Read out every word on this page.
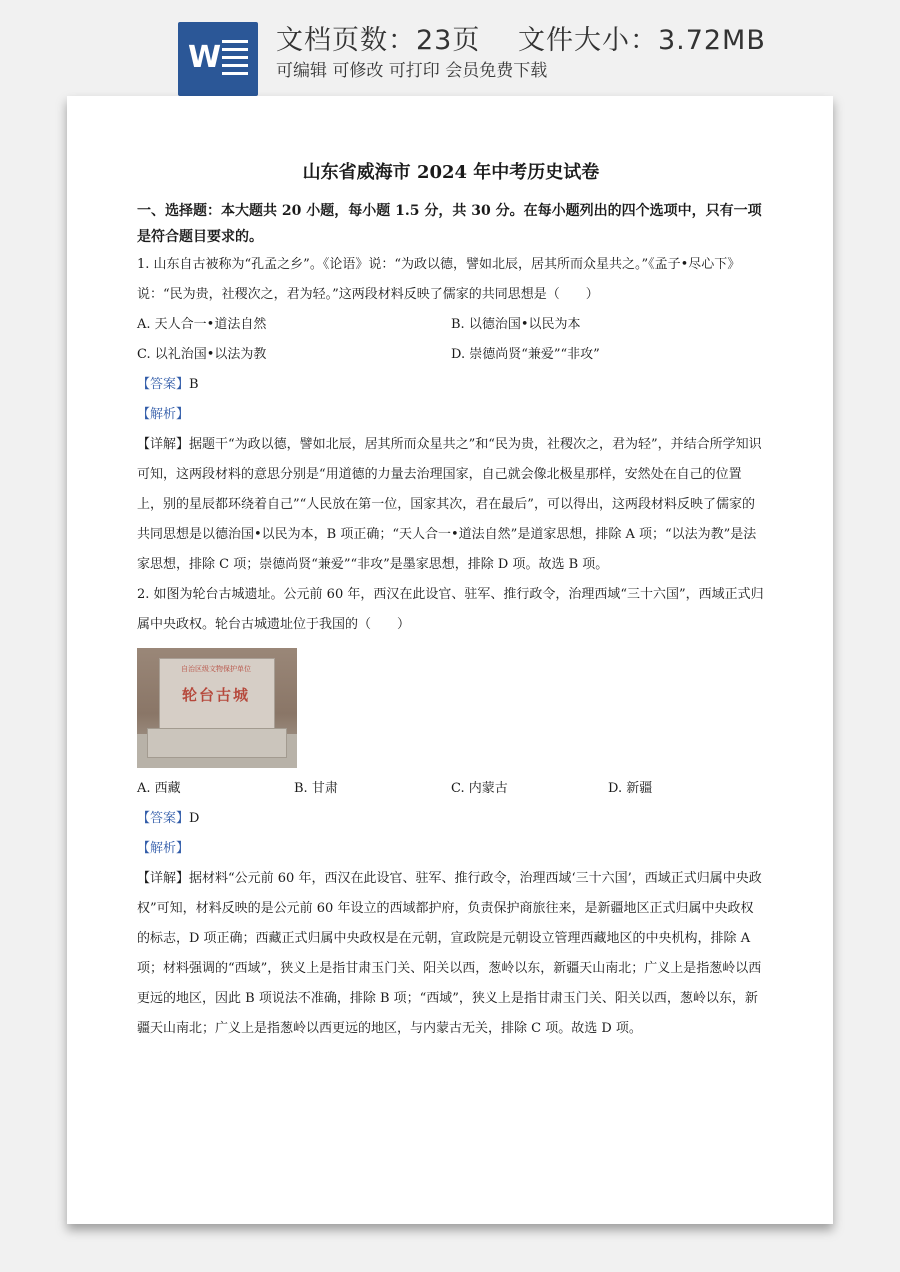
W 文档页数：23页　 文件大小：3.72MB
可编辑 可修改 可打印 会员免费下载
山东省威海市 2024 年中考历史试卷

一、选择题：本大题共 20 小题，每小题 1.5 分，共 30 分。在每小题列出的四个选项中，只有一项是符合题目要求的。

1. 山东自古被称为“孔孟之乡”。《论语》说：“为政以德，譬如北辰，居其所而众星共之。”《孟子•尽心下》说：“民为贵，社稷次之，君为轻。”这两段材料反映了儒家的共同思想是（　　）

A. 天人合一•道法自然	B. 以德治国•以民为本
C. 以礼治国•以法为教	D. 崇德尚贤“兼爱”“非攻”

【答案】B

【解析】

【详解】据题干“为政以德，譬如北辰，居其所而众星共之”和“民为贵，社稷次之，君为轻”，并结合所学知识可知，这两段材料的意思分别是“用道德的力量去治理国家，自己就会像北极星那样，安然处在自己的位置上，别的星辰都环绕着自己”“人民放在第一位，国家其次，君在最后”，可以得出，这两段材料反映了儒家的共同思想是以德治国•以民为本，B 项正确；“天人合一•道法自然”是道家思想，排除 A 项；“以法为教”是法家思想，排除 C 项；崇德尚贤“兼爱”“非攻”是墨家思想，排除 D 项。故选 B 项。

2. 如图为轮台古城遗址。公元前 60 年，西汉在此设官、驻军、推行政令，治理西域“三十六国”，西域正式归属中央政权。轮台古城遗址位于我国的（　　）

自治区级文物保护单位
轮台古城
A. 西藏	B. 甘肃	C. 内蒙古	D. 新疆

【答案】D

【解析】

【详解】据材料“公元前 60 年，西汉在此设官、驻军、推行政令，治理西域‘三十六国’，西域正式归属中央政权”可知，材料反映的是公元前 60 年设立的西域都护府，负责保护商旅往来，是新疆地区正式归属中央政权的标志，D 项正确；西藏正式归属中央政权是在元朝，宣政院是元朝设立管理西藏地区的中央机构，排除 A 项；材料强调的“西域”，狭义上是指甘肃玉门关、阳关以西，葱岭以东，新疆天山南北；广义上是指葱岭以西更远的地区，因此 B 项说法不准确，排除 B 项；“西域”，狭义上是指甘肃玉门关、阳关以西，葱岭以东，新疆天山南北；广义上是指葱岭以西更远的地区，与内蒙古无关，排除 C 项。故选 D 项。
